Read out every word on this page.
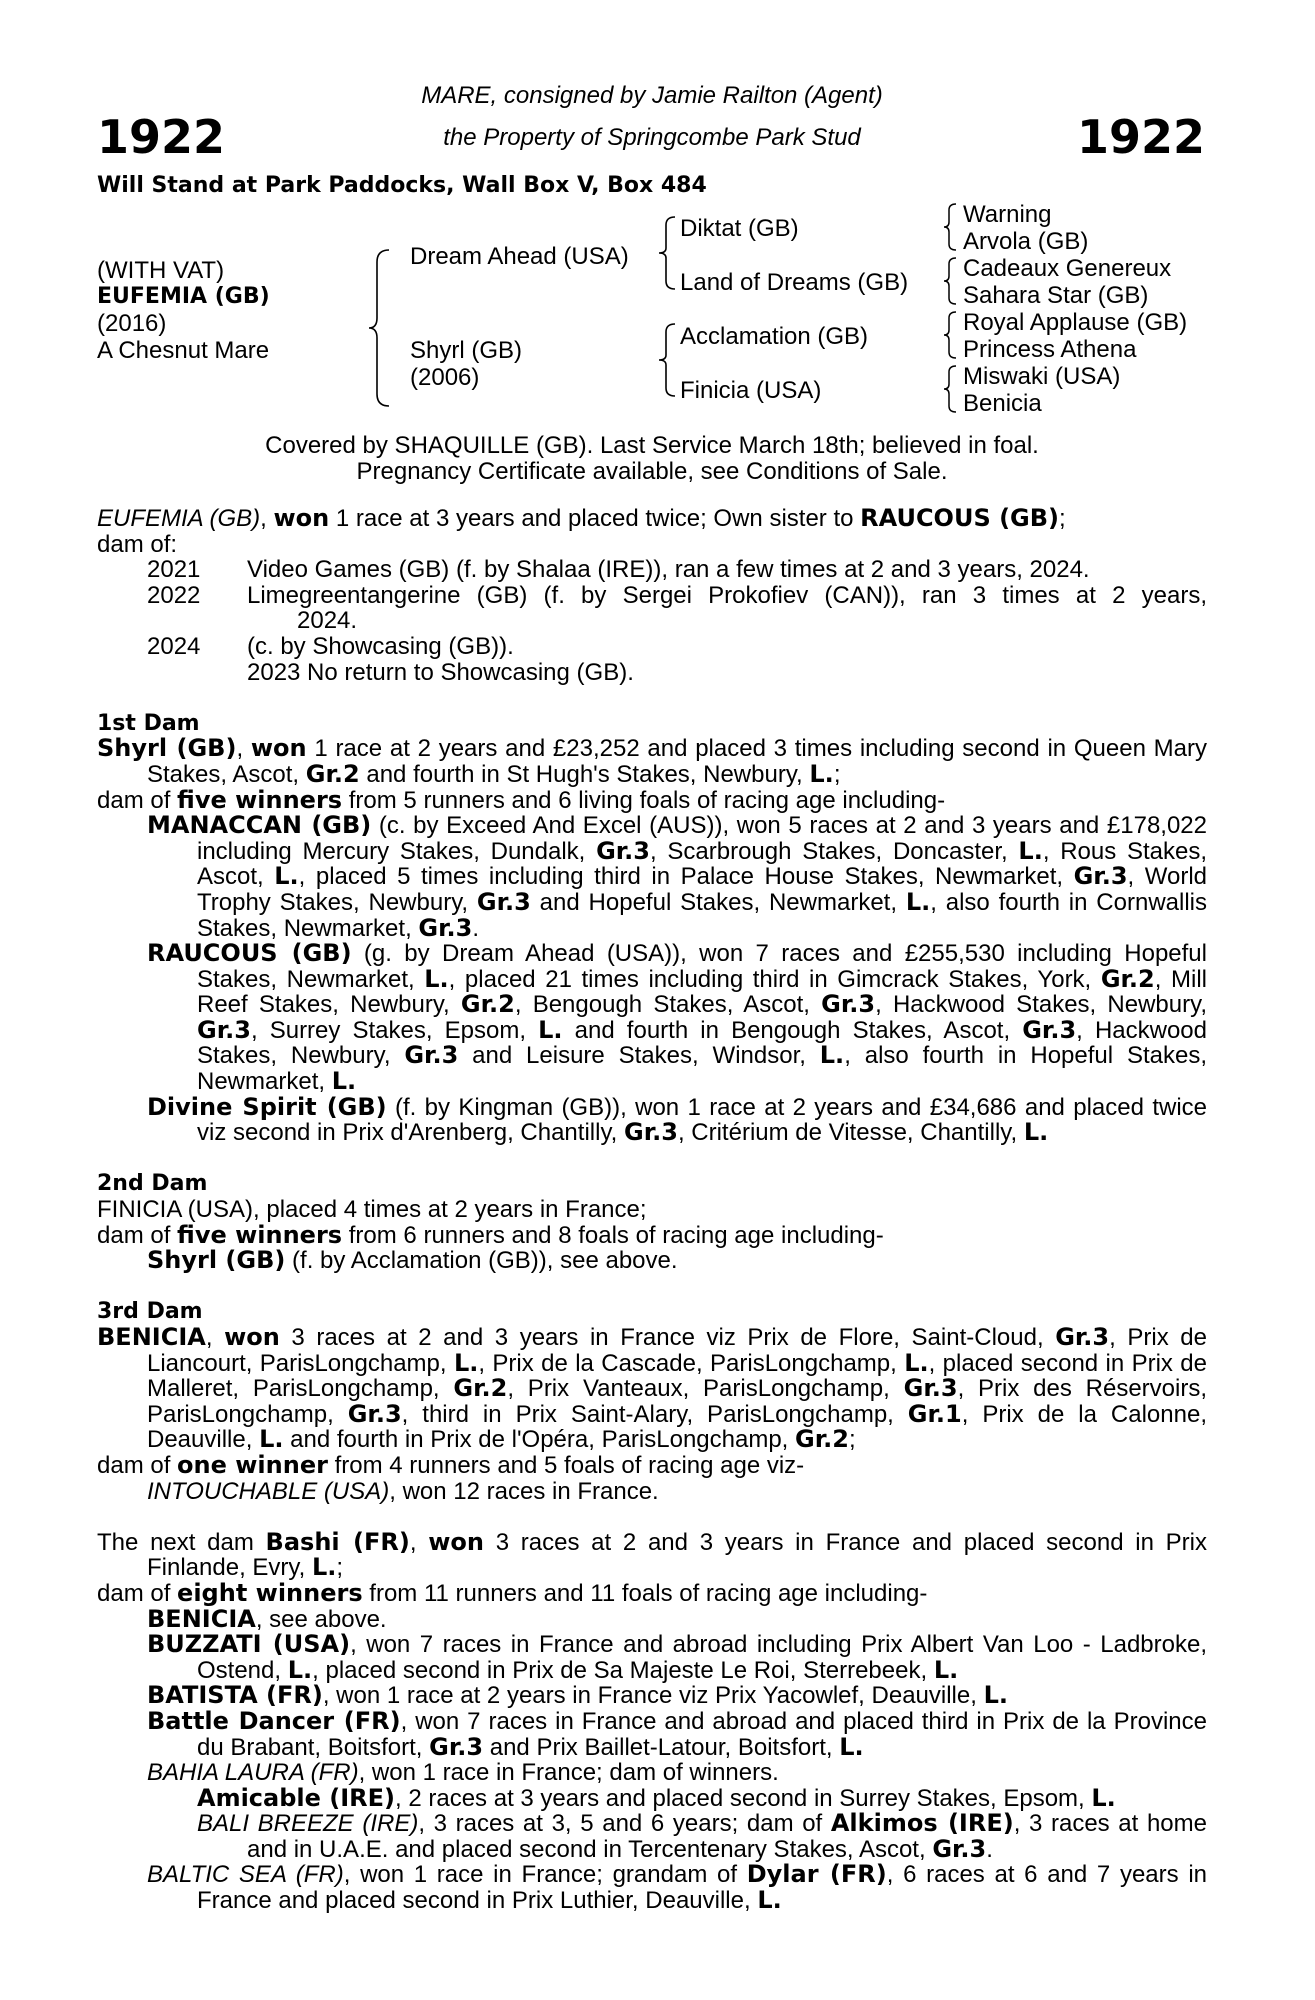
1922	1922
MARE, consigned by Jamie Railton (Agent)
the Property of Springcombe Park Stud
Will Stand at Park Paddocks, Wall Box V, Box 484
(WITH VAT)
EUFEMIA (GB)
(2016)
A Chesnut Mare
Dream Ahead (USA)
Shyrl (GB)
(2006)
Diktat (GB)
Land of Dreams (GB)
Acclamation (GB)
Finicia (USA)
Warning
Arvola (GB)
Cadeaux Genereux
Sahara Star (GB)
Royal Applause (GB)
Princess Athena
Miswaki (USA)
Benicia
Covered by SHAQUILLE (GB). Last Service March 18th; believed in foal.
Pregnancy Certificate available, see Conditions of Sale.
EUFEMIA (GB), won 1 race at 3 years and placed twice; Own sister to RAUCOUS (GB);
dam of:
2021	Video Games (GB) (f. by Shalaa (IRE)), ran a few times at 2 and 3 years, 2024.
2022	Limegreentangerine (GB) (f. by Sergei Prokofiev (CAN)), ran 3 times at 2 years,
2024.
2024	(c. by Showcasing (GB)).
2023 No return to Showcasing (GB).
1st Dam
Shyrl (GB), won 1 race at 2 years and £23,252 and placed 3 times including second in Queen Mary Stakes, Ascot, Gr.2 and fourth in St Hugh's Stakes, Newbury, L.;
dam of five winners from 5 runners and 6 living foals of racing age including-
MANACCAN (GB) (c. by Exceed And Excel (AUS)), won 5 races at 2 and 3 years and £178,022 including Mercury Stakes, Dundalk, Gr.3, Scarbrough Stakes, Doncaster, L., Rous Stakes, Ascot, L., placed 5 times including third in Palace House Stakes, Newmarket, Gr.3, World Trophy Stakes, Newbury, Gr.3 and Hopeful Stakes, Newmarket, L., also fourth in Cornwallis Stakes, Newmarket, Gr.3.
RAUCOUS (GB) (g. by Dream Ahead (USA)), won 7 races and £255,530 including Hopeful Stakes, Newmarket, L., placed 21 times including third in Gimcrack Stakes, York, Gr.2, Mill Reef Stakes, Newbury, Gr.2, Bengough Stakes, Ascot, Gr.3, Hackwood Stakes, Newbury, Gr.3, Surrey Stakes, Epsom, L. and fourth in Bengough Stakes, Ascot, Gr.3, Hackwood Stakes, Newbury, Gr.3 and Leisure Stakes, Windsor, L., also fourth in Hopeful Stakes, Newmarket, L.
Divine Spirit (GB) (f. by Kingman (GB)), won 1 race at 2 years and £34,686 and placed twice viz second in Prix d'Arenberg, Chantilly, Gr.3, Critérium de Vitesse, Chantilly, L.
2nd Dam
FINICIA (USA), placed 4 times at 2 years in France;
dam of five winners from 6 runners and 8 foals of racing age including-
Shyrl (GB) (f. by Acclamation (GB)), see above.
3rd Dam
BENICIA, won 3 races at 2 and 3 years in France viz Prix de Flore, Saint-Cloud, Gr.3, Prix de Liancourt, ParisLongchamp, L., Prix de la Cascade, ParisLongchamp, L., placed second in Prix de Malleret, ParisLongchamp, Gr.2, Prix Vanteaux, ParisLongchamp, Gr.3, Prix des Réservoirs, ParisLongchamp, Gr.3, third in Prix Saint-Alary, ParisLongchamp, Gr.1, Prix de la Calonne, Deauville, L. and fourth in Prix de l'Opéra, ParisLongchamp, Gr.2;
dam of one winner from 4 runners and 5 foals of racing age viz-
INTOUCHABLE (USA), won 12 races in France.
The next dam Bashi (FR), won 3 races at 2 and 3 years in France and placed second in Prix Finlande, Evry, L.;
dam of eight winners from 11 runners and 11 foals of racing age including-
BENICIA, see above.
BUZZATI (USA), won 7 races in France and abroad including Prix Albert Van Loo - Ladbroke, Ostend, L., placed second in Prix de Sa Majeste Le Roi, Sterrebeek, L.
BATISTA (FR), won 1 race at 2 years in France viz Prix Yacowlef, Deauville, L.
Battle Dancer (FR), won 7 races in France and abroad and placed third in Prix de la Province du Brabant, Boitsfort, Gr.3 and Prix Baillet-Latour, Boitsfort, L.
BAHIA LAURA (FR), won 1 race in France; dam of winners.
Amicable (IRE), 2 races at 3 years and placed second in Surrey Stakes, Epsom, L.
BALI BREEZE (IRE), 3 races at 3, 5 and 6 years; dam of Alkimos (IRE), 3 races at home and in U.A.E. and placed second in Tercentenary Stakes, Ascot, Gr.3.
BALTIC SEA (FR), won 1 race in France; grandam of Dylar (FR), 6 races at 6 and 7 years in France and placed second in Prix Luthier, Deauville, L.
